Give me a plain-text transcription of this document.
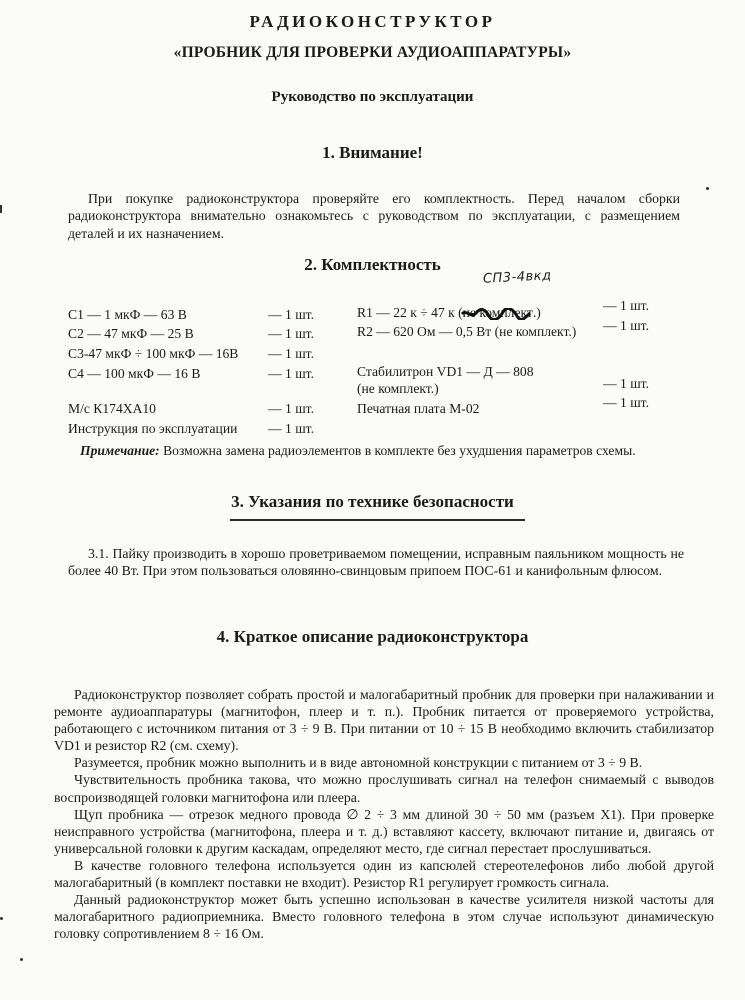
РАДИОКОНСТРУКТОР
«ПРОБНИК ДЛЯ ПРОВЕРКИ АУДИОАППАРАТУРЫ»
Руководство по эксплуатации
1. Внимание!

При покупке радиоконструктора проверяйте его комплектность. Перед началом сборки радиоконструктора внимательно ознакомьтесь с руководством по эксплуатации, с размещением деталей и их назначением.

2. Комплектность
СП3-4вкд
С1 — 1 мкФ — 63 В	— 1 шт.
С2 — 47 мкФ — 25 В	— 1 шт.
С3-47 мкФ ÷ 100 мкФ — 16В — 1 шт.
С4 — 100 мкФ — 16 В	— 1 шт.
М/с К174ХА10	— 1 шт.
Инструкция по эксплуатации — 1 шт.
R1 — 22 к ÷ 47 к (не комплект
.)	— 1 шт.
R2 — 620 Ом — 0,5 Вт (не комплект.) — 1 шт.
Стабилитрон VD1 — Д — 808
(не комплект.)	— 1 шт.
Печатная плата М-02	— 1 шт.
Примечание: Возможна замена радиоэлементов в комплекте без ухудшения параметров схемы.
3. Указания по технике безопасности

3.1. Пайку производить в хорошо проветриваемом помещении, исправным паяльником мощность не более 40 Вт. При этом пользоваться оловянно-свинцовым припоем ПОС-61 и канифольным флюсом.

4. Краткое описание радиоконструктора

Радиоконструктор позволяет собрать простой и малогабаритный пробник для проверки при налаживании и ремонте аудиоаппаратуры (магнитофон, плеер и т. п.). Пробник питается от проверяемого устройства, работающего с источником питания от 3 ÷ 9 В. При питании от 10 ÷ 15 В необходимо включить стабилизатор VD1 и резистор R2 (см. схему).

Разумеется, пробник можно выполнить и в виде автономной конструкции с питанием от 3 ÷ 9 В.

Чувствительность пробника такова, что можно прослушивать сигнал на телефон снимаемый с выводов воспроизводящей головки магнитофона или плеера.

Щуп пробника — отрезок медного провода ∅ 2 ÷ 3 мм длиной 30 ÷ 50 мм (разъем Х1). При проверке неисправного устройства (магнитофона, плеера и т. д.) вставляют кассету, включают питание и, двигаясь от универсальной головки к другим каскадам, определяют место, где сигнал перестает прослушиваться.

В качестве головного телефона используется один из капсюлей стереотелефонов либо любой другой малогабаритный (в комплект поставки не входит). Резистор R1 регулирует громкость сигнала.

Данный радиоконструктор может быть успешно использован в качестве усилителя низкой частоты для малогабаритного радиоприемника. Вместо головного телефона в этом случае используют динамическую головку сопротивлением 8 ÷ 16 Ом.
